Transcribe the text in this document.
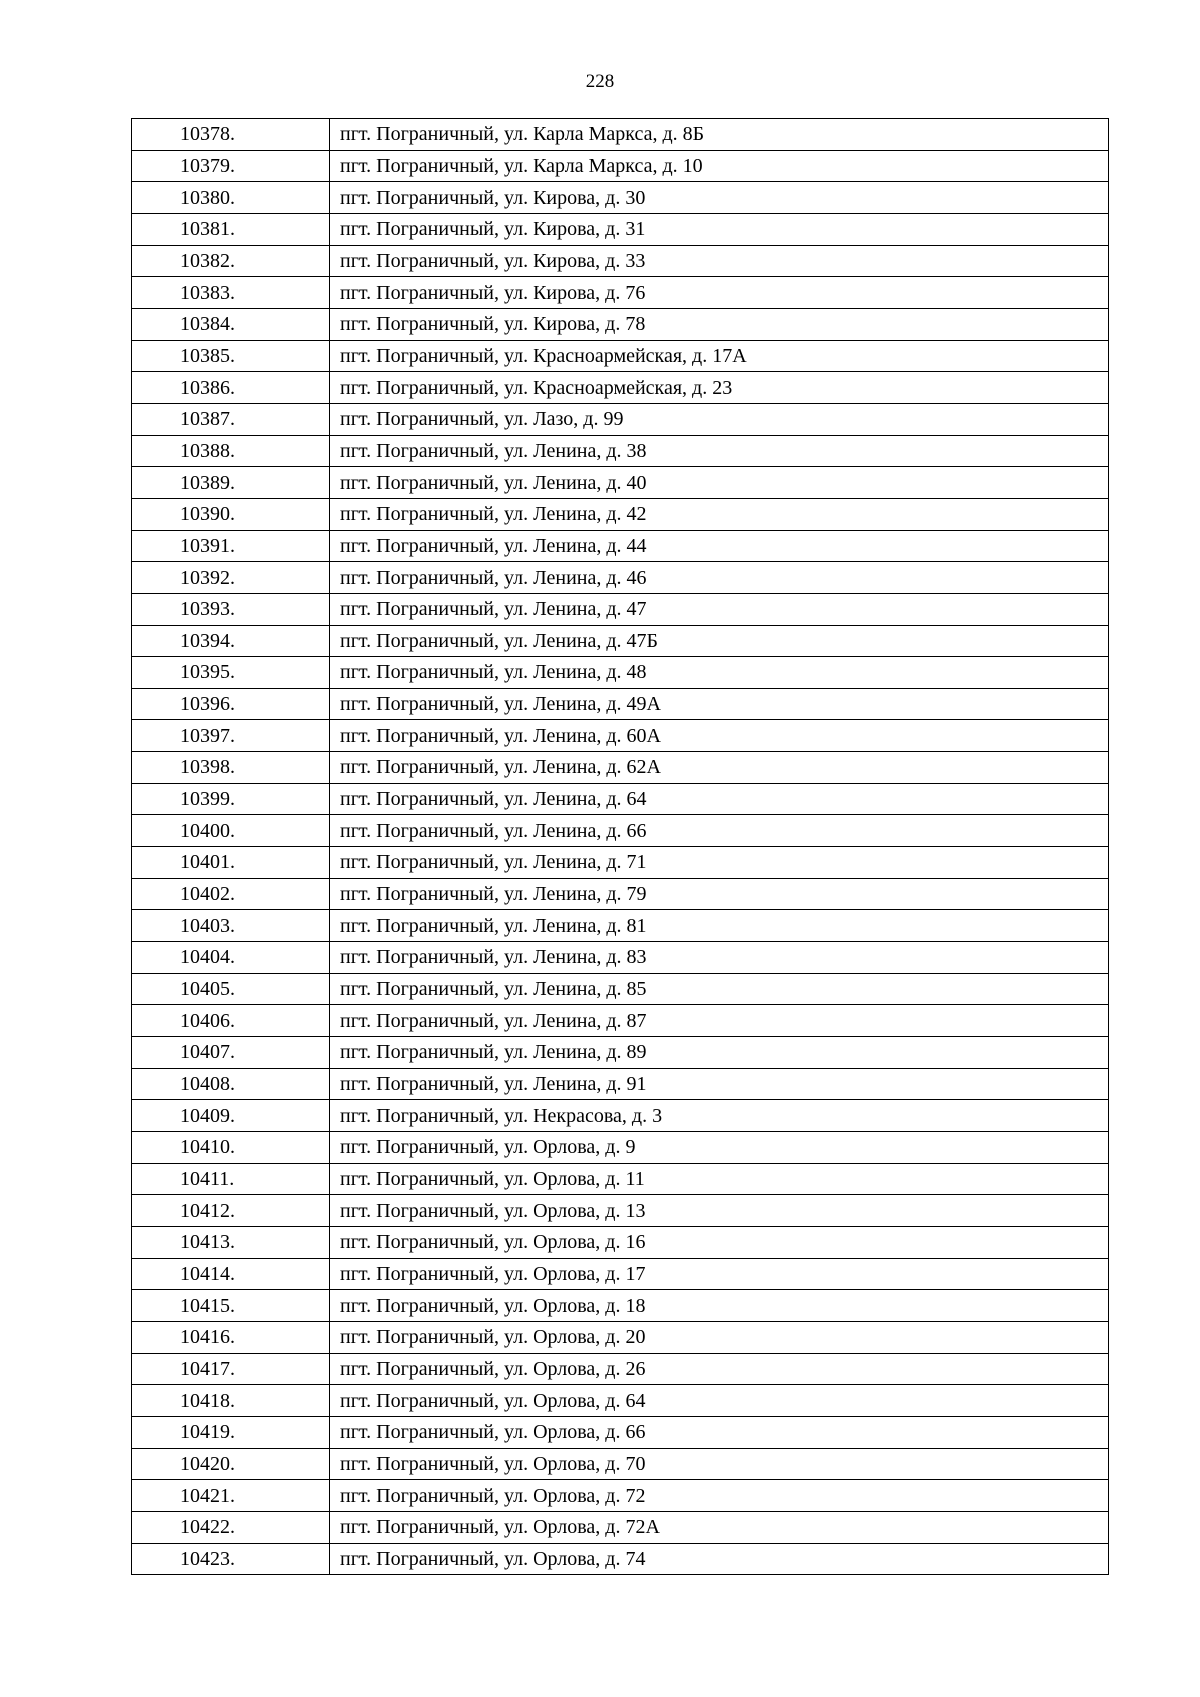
228
10378.	пгт. Пограничный, ул. Карла Маркса, д. 8Б
10379.	пгт. Пограничный, ул. Карла Маркса, д. 10
10380.	пгт. Пограничный, ул. Кирова, д. 30
10381.	пгт. Пограничный, ул. Кирова, д. 31
10382.	пгт. Пограничный, ул. Кирова, д. 33
10383.	пгт. Пограничный, ул. Кирова, д. 76
10384.	пгт. Пограничный, ул. Кирова, д. 78
10385.	пгт. Пограничный, ул. Красноармейская, д. 17А
10386.	пгт. Пограничный, ул. Красноармейская, д. 23
10387.	пгт. Пограничный, ул. Лазо, д. 99
10388.	пгт. Пограничный, ул. Ленина, д. 38
10389.	пгт. Пограничный, ул. Ленина, д. 40
10390.	пгт. Пограничный, ул. Ленина, д. 42
10391.	пгт. Пограничный, ул. Ленина, д. 44
10392.	пгт. Пограничный, ул. Ленина, д. 46
10393.	пгт. Пограничный, ул. Ленина, д. 47
10394.	пгт. Пограничный, ул. Ленина, д. 47Б
10395.	пгт. Пограничный, ул. Ленина, д. 48
10396.	пгт. Пограничный, ул. Ленина, д. 49А
10397.	пгт. Пограничный, ул. Ленина, д. 60А
10398.	пгт. Пограничный, ул. Ленина, д. 62А
10399.	пгт. Пограничный, ул. Ленина, д. 64
10400.	пгт. Пограничный, ул. Ленина, д. 66
10401.	пгт. Пограничный, ул. Ленина, д. 71
10402.	пгт. Пограничный, ул. Ленина, д. 79
10403.	пгт. Пограничный, ул. Ленина, д. 81
10404.	пгт. Пограничный, ул. Ленина, д. 83
10405.	пгт. Пограничный, ул. Ленина, д. 85
10406.	пгт. Пограничный, ул. Ленина, д. 87
10407.	пгт. Пограничный, ул. Ленина, д. 89
10408.	пгт. Пограничный, ул. Ленина, д. 91
10409.	пгт. Пограничный, ул. Некрасова, д. 3
10410.	пгт. Пограничный, ул. Орлова, д. 9
10411.	пгт. Пограничный, ул. Орлова, д. 11
10412.	пгт. Пограничный, ул. Орлова, д. 13
10413.	пгт. Пограничный, ул. Орлова, д. 16
10414.	пгт. Пограничный, ул. Орлова, д. 17
10415.	пгт. Пограничный, ул. Орлова, д. 18
10416.	пгт. Пограничный, ул. Орлова, д. 20
10417.	пгт. Пограничный, ул. Орлова, д. 26
10418.	пгт. Пограничный, ул. Орлова, д. 64
10419.	пгт. Пограничный, ул. Орлова, д. 66
10420.	пгт. Пограничный, ул. Орлова, д. 70
10421.	пгт. Пограничный, ул. Орлова, д. 72
10422.	пгт. Пограничный, ул. Орлова, д. 72А
10423.	пгт. Пограничный, ул. Орлова, д. 74
